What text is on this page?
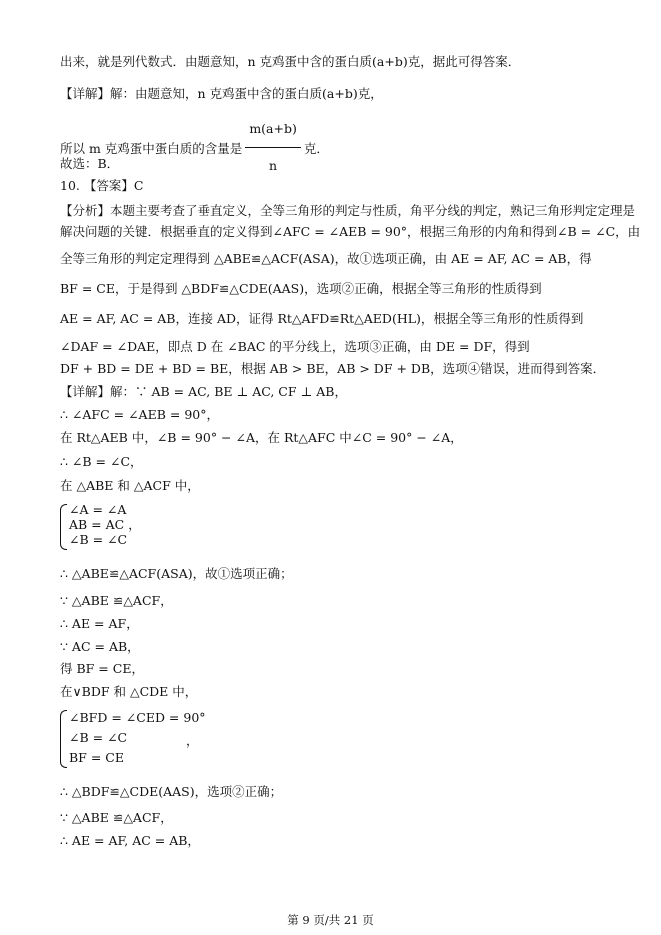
出来，就是列代数式．由题意知，n 克鸡蛋中含的蛋白质(a+b)克，据此可得答案．
【详解】解：由题意知，n 克鸡蛋中含的蛋白质(a+b)克，
所以 m 克鸡蛋中蛋白质的含量是 $\frac{m(a+b)}{n}$ 克．
故选：B．
10. 【答案】C
【分析】本题主要考查了垂直定义，全等三角形的判定与性质，角平分线的判定，熟记三角形判定定理是
解决问题的关键．根据垂直的定义得到∠AFC = ∠AEB = 90°，根据三角形的内角和得到∠B = ∠C，由
全等三角形的判定定理得到 △ABE≌△ACF(ASA)，故①选项正确，由 AE = AF, AC = AB，得
BF = CE，于是得到 △BDF≌△CDE(AAS)，选项②正确，根据全等三角形的性质得到
AE = AF, AC = AB，连接 AD，证得 Rt△AFD≌Rt△AED(HL)，根据全等三角形的性质得到
∠DAF = ∠DAE，即点 D 在 ∠BAC 的平分线上，选项③正确，由 DE = DF，得到
DF + BD = DE + BD = BE，根据 AB > BE，AB > DF + DB，选项④错误，进而得到答案．
【详解】解：∵ AB = AC, BE ⊥ AC, CF ⊥ AB，
∴ ∠AFC = ∠AEB = 90°，
在 Rt△AEB 中，∠B = 90° − ∠A，在 Rt△AFC 中∠C = 90° − ∠A，
∴ ∠B = ∠C，
在 △ABE 和 △ACF 中，
∠A = ∠A
AB = AC ，
∠B = ∠C
∴ △ABE≌△ACF(ASA)，故①选项正确；
∵ △ABE ≌△ACF，
∴ AE = AF，
∵ AC = AB，
得 BF = CE，
在∨BDF 和 △CDE 中，
∠BFD = ∠CED = 90°
∠B = ∠C
BF = CE
，
∴ △BDF≌△CDE(AAS)，选项②正确；
∵ △ABE ≌△ACF，
∴ AE = AF, AC = AB，
第 9 页/共 21 页
